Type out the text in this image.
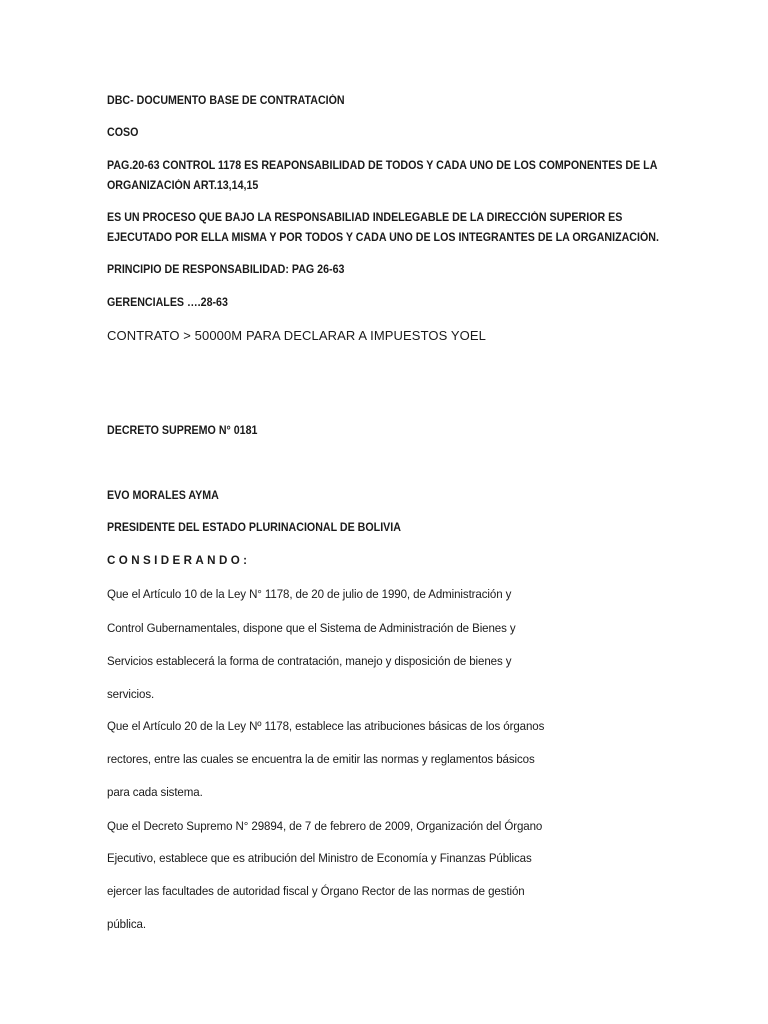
DBC- DOCUMENTO BASE DE CONTRATACIÓN
COSO
PAG.20-63 CONTROL 1178 ES REAPONSABILIDAD DE TODOS Y CADA UNO DE LOS COMPONENTES DE LA
ORGANIZACIÓN ART.13,14,15
ES UN PROCESO QUE BAJO LA RESPONSABILIAD INDELEGABLE DE LA DIRECCIÓN SUPERIOR ES
EJECUTADO POR ELLA MISMA Y POR TODOS Y CADA UNO DE LOS INTEGRANTES DE LA ORGANIZACIÓN.
PRINCIPIO DE RESPONSABILIDAD: PAG 26-63
GERENCIALES ….28-63
CONTRATO > 50000M PARA DECLARAR A IMPUESTOS YOEL
DECRETO SUPREMO N° 0181
EVO MORALES AYMA
PRESIDENTE DEL ESTADO PLURINACIONAL DE BOLIVIA
CONSIDERANDO:
Que el Artículo 10 de la Ley N° 1178, de 20 de julio de 1990, de Administración y
Control Gubernamentales, dispone que el Sistema de Administración de Bienes y
Servicios establecerá la forma de contratación, manejo y disposición de bienes y
servicios.
Que el Artículo 20 de la Ley Nº 1178, establece las atribuciones básicas de los órganos
rectores, entre las cuales se encuentra la de emitir las normas y reglamentos básicos
para cada sistema.
Que el Decreto Supremo N° 29894, de 7 de febrero de 2009, Organización del Órgano
Ejecutivo, establece que es atribución del Ministro de Economía y Finanzas Públicas
ejercer las facultades de autoridad fiscal y Órgano Rector de las normas de gestión
pública.
